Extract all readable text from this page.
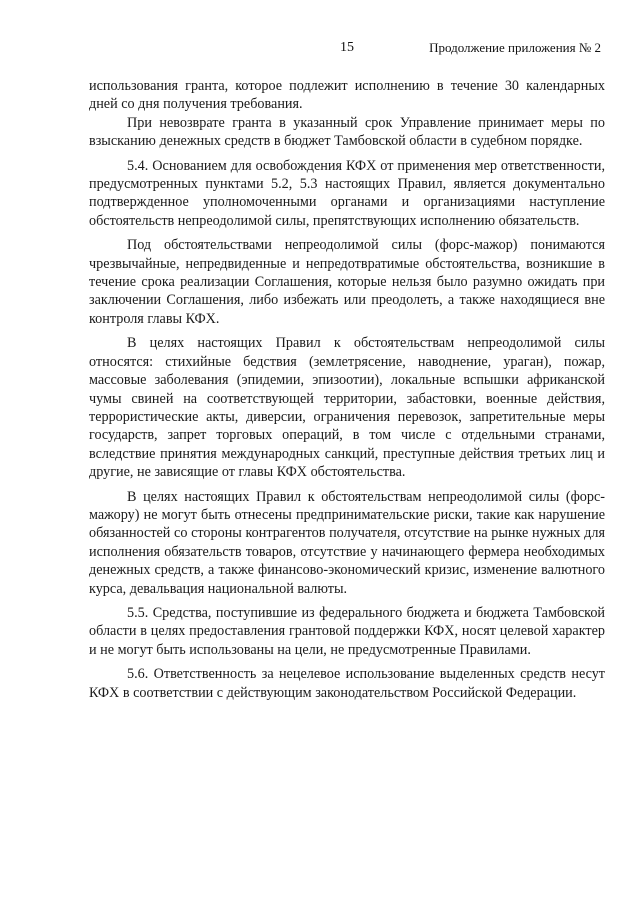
15	Продолжение приложения № 2

использования гранта, которое подлежит исполнению в течение 30 календарных дней со дня получения требования.

При невозврате гранта в указанный срок Управление принимает меры по взысканию денежных средств в бюджет Тамбовской области в судебном порядке.

5.4. Основанием для освобождения КФХ от применения мер ответственности, предусмотренных пунктами 5.2, 5.3 настоящих Правил, является документально подтвержденное уполномоченными органами и организациями наступление обстоятельств непреодолимой силы, препятствующих исполнению обязательств.

Под обстоятельствами непреодолимой силы (форс-мажор) понимаются чрезвычайные, непредвиденные и непредотвратимые обстоятельства, возникшие в течение срока реализации Соглашения, которые нельзя было разумно ожидать при заключении Соглашения, либо избежать или преодолеть, а также находящиеся вне контроля главы КФХ.

В целях настоящих Правил к обстоятельствам непреодолимой силы относятся: стихийные бедствия (землетрясение, наводнение, ураган), пожар, массовые заболевания (эпидемии, эпизоотии), локальные вспышки африканской чумы свиней на соответствующей территории, забастовки, военные действия, террористические акты, диверсии, ограничения перевозок, запретительные меры государств, запрет торговых операций, в том числе с отдельными странами, вследствие принятия международных санкций, преступные действия третьих лиц и другие, не зависящие от главы КФХ обстоятельства.

В целях настоящих Правил к обстоятельствам непреодолимой силы (форс-мажору) не могут быть отнесены предпринимательские риски, такие как нарушение обязанностей со стороны контрагентов получателя, отсутствие на рынке нужных для исполнения обязательств товаров, отсутствие у начинающего фермера необходимых денежных средств, а также финансово-экономический кризис, изменение валютного курса, девальвация национальной валюты.

5.5. Средства, поступившие из федерального бюджета и бюджета Тамбовской области в целях предоставления грантовой поддержки КФХ, носят целевой характер и не могут быть использованы на цели, не предусмотренные Правилами.

5.6. Ответственность за нецелевое использование выделенных средств несут КФХ в соответствии с действующим законодательством Российской Федерации.
